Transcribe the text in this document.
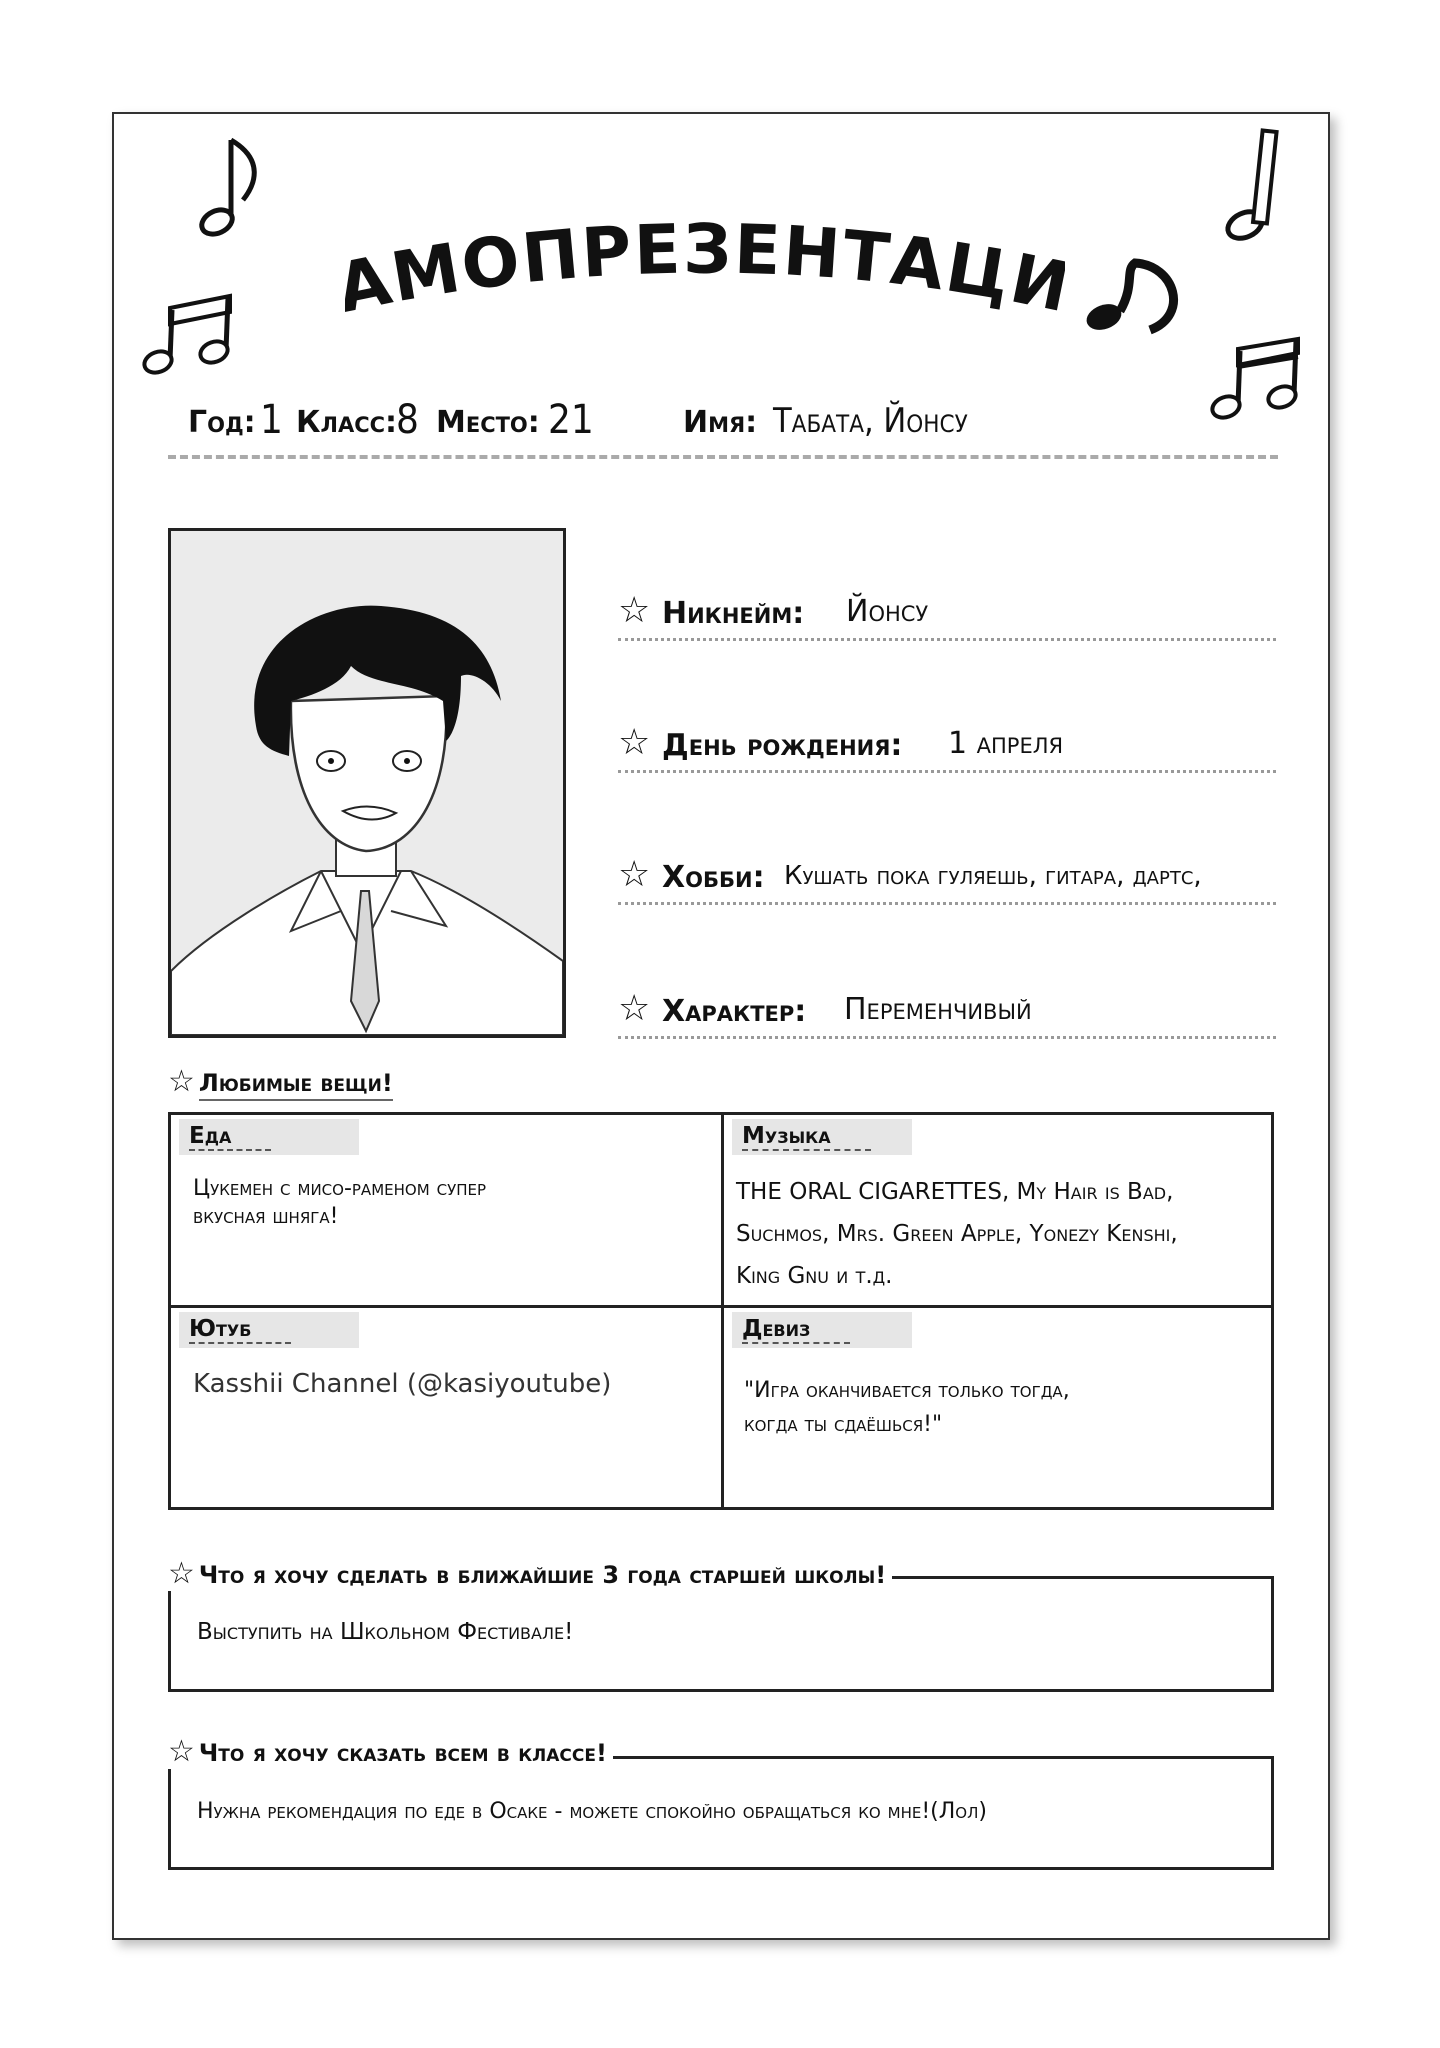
МОПРЕЗЕНТАЦ
Год: 1 Класс:
8 Место: 21	Имя: Табата, Йонсу
☆ Никнейм: Йонсу
☆ День рождения: 1 апреля
☆ Хобби: Кушать пока гуляешь, гитара, дартс,
☆ Характер: Переменчивый
☆ Любимые вещи!
Еда
Цукемен с мисо-раменом супер
вкусная шняга!
Музыка
THE ORAL CIGARETTES, My Hair is Bad,
Suchmos, Mrs. Green Apple, Yonezy Kenshi,
King Gnu и т.д.
Ютуб
Kasshii Channel (@kasiyoutube)
Девиз
"Игра оканчивается только тогда,
когда ты сдаёшься!"
Выступить на Школьном Фестивале!
☆ Что я хочу сделать в ближайшие 3 года старшей школы!
Нужна рекомендация по еде в Осаке - можете спокойно обращаться ко мне!(Лол)
☆ Что я хочу сказать всем в классе!
